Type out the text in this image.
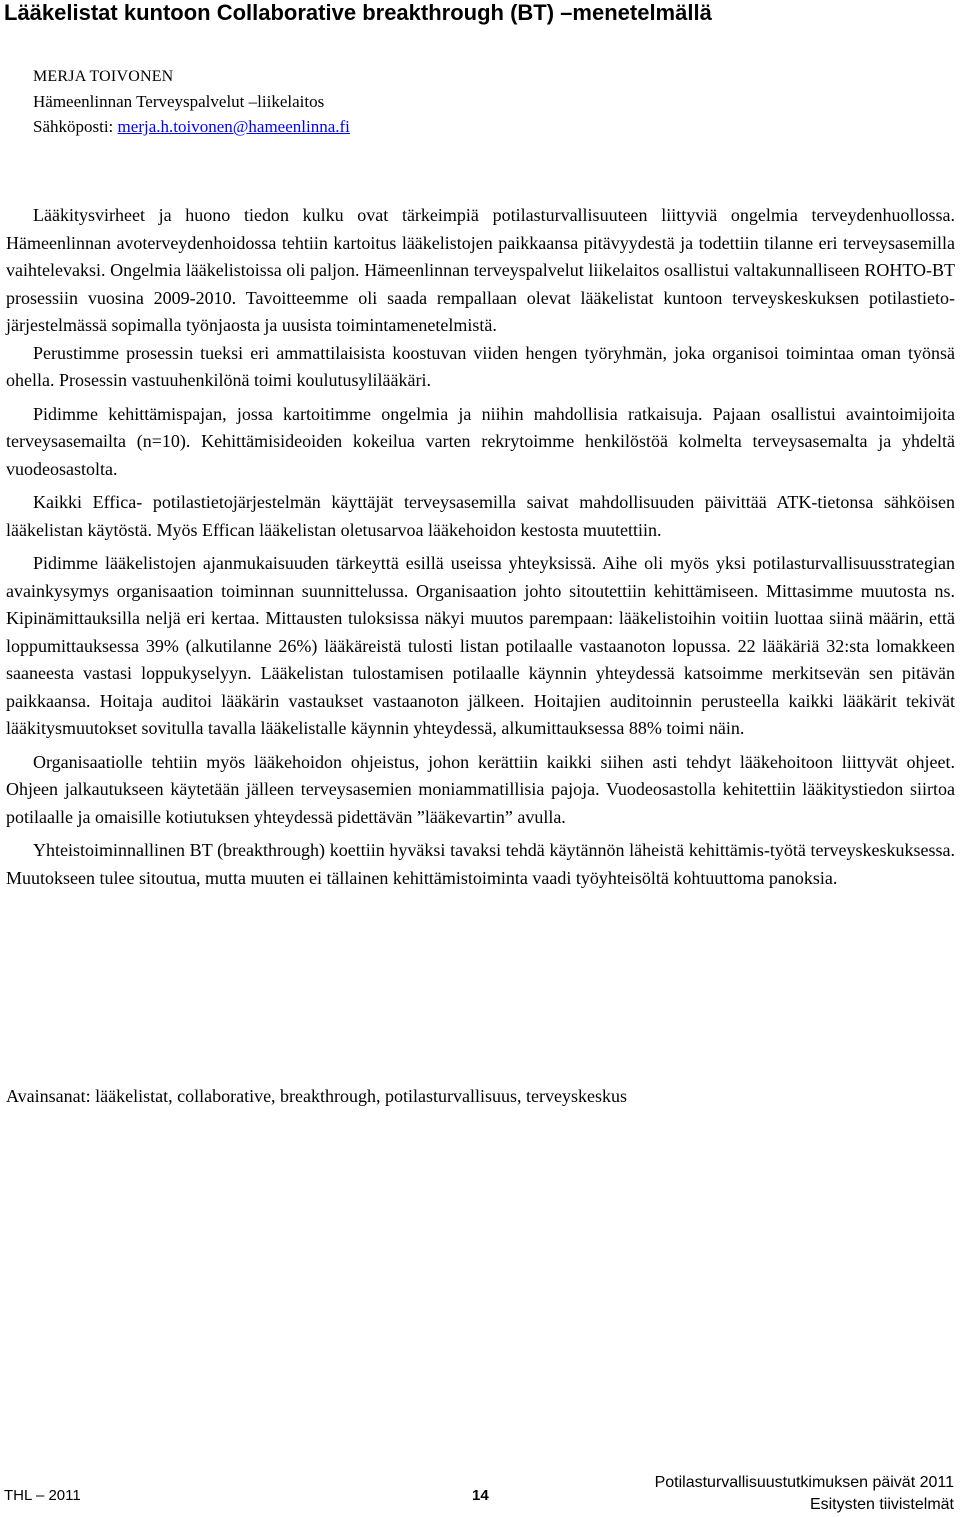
Lääkelistat kuntoon Collaborative breakthrough (BT) –menetelmällä
MERJA TOIVONEN
Hämeenlinnan Terveyspalvelut –liikelaitos
Sähköposti: merja.h.toivonen@hameenlinna.fi

Lääkitysvirheet ja huono tiedon kulku ovat tärkeimpiä potilasturvallisuuteen liittyviä ongelmia terveydenhuollossa. Hämeenlinnan avoterveydenhoidossa tehtiin kartoitus lääkelistojen paikkaansa pitävyydestä ja todettiin tilanne eri terveysasemilla vaihtelevaksi. Ongelmia lääkelistoissa oli paljon. Hämeenlinnan terveyspalvelut liikelaitos osallistui valtakunnalliseen ROHTO-BT prosessiin vuosina 2009-2010. Tavoitteemme oli saada rempallaan olevat lääkelistat kuntoon terveyskeskuksen potilastieto-järjestelmässä sopimalla työnjaosta ja uusista toimintamenetelmistä.

Perustimme prosessin tueksi eri ammattilaisista koostuvan viiden hengen työryhmän, joka organisoi toimintaa oman työnsä ohella. Prosessin vastuuhenkilönä toimi koulutusylilääkäri.

Pidimme kehittämispajan, jossa kartoitimme ongelmia ja niihin mahdollisia ratkaisuja. Pajaan osallistui avaintoimijoita terveysasemailta (n=10). Kehittämisideoiden kokeilua varten rekrytoimme henkilöstöä kolmelta terveysasemalta ja yhdeltä vuodeosastolta.

Kaikki Effica- potilastietojärjestelmän käyttäjät terveysasemilla saivat mahdollisuuden päivittää ATK-tietonsa sähköisen lääkelistan käytöstä. Myös Effican lääkelistan oletusarvoa lääkehoidon kestosta muutettiin.

Pidimme lääkelistojen ajanmukaisuuden tärkeyttä esillä useissa yhteyksissä. Aihe oli myös yksi potilasturvallisuusstrategian avainkysymys organisaation toiminnan suunnittelussa. Organisaation johto sitoutettiin kehittämiseen. Mittasimme muutosta ns. Kipinämittauksilla neljä eri kertaa. Mittausten tuloksissa näkyi muutos parempaan: lääkelistoihin voitiin luottaa siinä määrin, että loppumittauksessa 39% (alkutilanne 26%) lääkäreistä tulosti listan potilaalle vastaanoton lopussa. 22 lääkäriä 32:sta lomakkeen saaneesta vastasi loppukyselyyn. Lääkelistan tulostamisen potilaalle käynnin yhteydessä katsoimme merkitsevän sen pitävän paikkaansa. Hoitaja auditoi lääkärin vastaukset vastaanoton jälkeen. Hoitajien auditoinnin perusteella kaikki lääkärit tekivät lääkitysmuutokset sovitulla tavalla lääkelistalle käynnin yhteydessä, alkumittauksessa 88% toimi näin.

Organisaatiolle tehtiin myös lääkehoidon ohjeistus, johon kerättiin kaikki siihen asti tehdyt lääkehoitoon liittyvät ohjeet. Ohjeen jalkautukseen käytetään jälleen terveysasemien moniammatillisia pajoja. Vuodeosastolla kehitettiin lääkitystiedon siirtoa potilaalle ja omaisille kotiutuksen yhteydessä pidettävän ”lääkevartin” avulla.

Yhteistoiminnallinen BT (breakthrough) koettiin hyväksi tavaksi tehdä käytännön läheistä kehittämis-työtä terveyskeskuksessa. Muutokseen tulee sitoutua, mutta muuten ei tällainen kehittämistoiminta vaadi työyhteisöltä kohtuuttoma panoksia.

Avainsanat: lääkelistat, collaborative, breakthrough, potilasturvallisuus, terveyskeskus
THL – 2011	14
Potilasturvallisuustutkimuksen päivät 2011
Esitysten tiivistelmät
